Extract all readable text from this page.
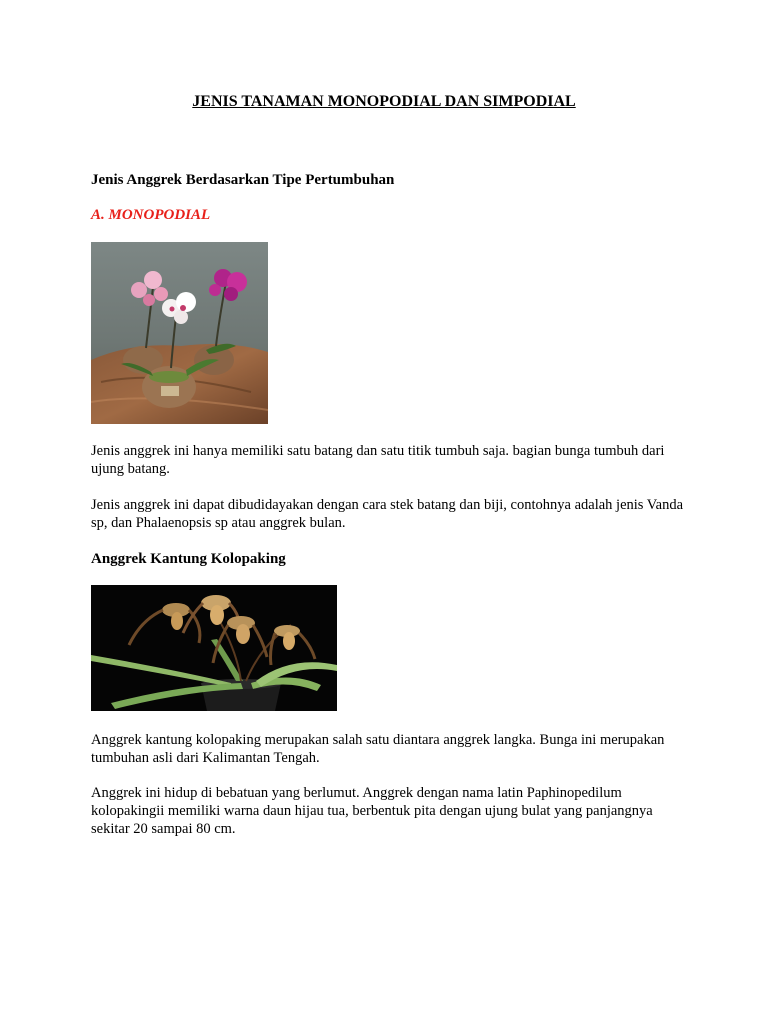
JENIS TANAMAN MONOPODIAL DAN SIMPODIAL
Jenis Anggrek Berdasarkan Tipe Pertumbuhan
A. MONOPODIAL
Jenis anggrek ini hanya memiliki satu batang dan satu titik tumbuh saja. bagian bunga tumbuh dari ujung batang.
Jenis anggrek ini dapat dibudidayakan dengan cara stek batang dan biji, contohnya adalah jenis Vanda sp, dan Phalaenopsis sp atau anggrek bulan.
Anggrek Kantung Kolopaking
Anggrek kantung kolopaking merupakan salah satu diantara anggrek langka. Bunga ini merupakan tumbuhan asli dari Kalimantan Tengah.
Anggrek ini hidup di bebatuan yang berlumut. Anggrek dengan nama latin Paphinopedilum kolopakingii memiliki warna daun hijau tua, berbentuk pita dengan ujung bulat yang panjangnya sekitar 20 sampai 80 cm.
